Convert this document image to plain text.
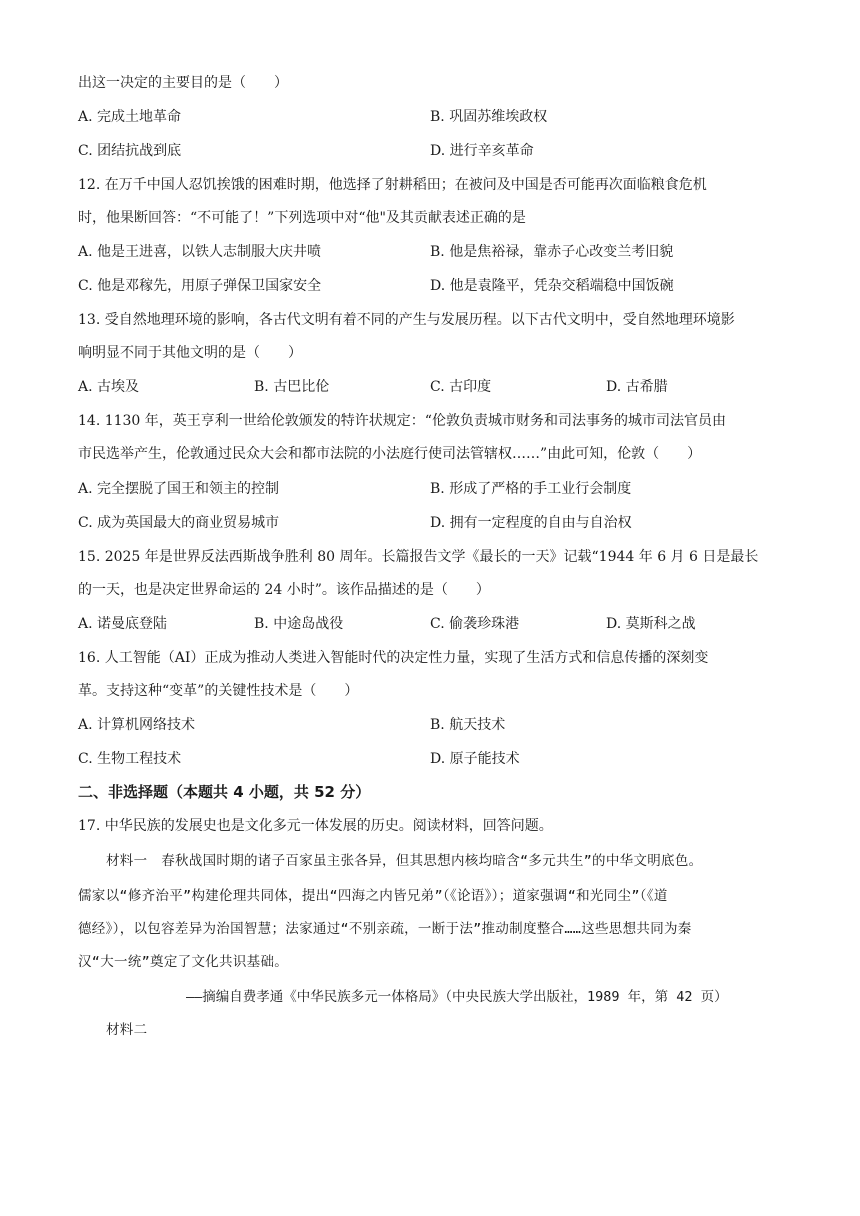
出这一决定的主要目的是（　　）
A. 完成土地革命	B. 巩固苏维埃政权
C. 团结抗战到底	D. 进行辛亥革命
12. 在万千中国人忍饥挨饿的困难时期，他选择了射耕稻田；在被问及中国是否可能再次面临粮食危机
时，他果断回答：“不可能了！”下列选项中对“他"及其贡献表述正确的是
A. 他是王进喜，以铁人志制服大庆井喷	B. 他是焦裕禄，靠赤子心改变兰考旧貌
C. 他是邓稼先，用原子弹保卫国家安全	D. 他是袁隆平，凭杂交稻端稳中国饭碗
13. 受自然地理环境的影响，各古代文明有着不同的产生与发展历程。以下古代文明中，受自然地理环境影
响明显不同于其他文明的是（　　）
A. 古埃及	B. 古巴比伦	C. 古印度	D. 古希腊
14. 1130 年，英王亨利一世给伦敦颁发的特许状规定：“伦敦负责城市财务和司法事务的城市司法官员由
市民选举产生，伦敦通过民众大会和都市法院的小法庭行使司法管辖权……”由此可知，伦敦（　　）
A. 完全摆脱了国王和领主的控制	B. 形成了严格的手工业行会制度
C. 成为英国最大的商业贸易城市	D. 拥有一定程度的自由与自治权
15. 2025 年是世界反法西斯战争胜利 80 周年。长篇报告文学《最长的一天》记载“1944 年 6 月 6 日是最长
的一天，也是决定世界命运的 24 小时”。该作品描述的是（　　）
A. 诺曼底登陆	B. 中途岛战役	C. 偷袭珍珠港	D. 莫斯科之战
16. 人工智能（AI）正成为推动人类进入智能时代的决定性力量，实现了生活方式和信息传播的深刻变
革。支持这种“变革”的关键性技术是（　　）
A. 计算机网络技术	B. 航天技术
C. 生物工程技术	D. 原子能技术
二、非选择题（本题共 4 小题，共 52 分）
17. 中华民族的发展史也是文化多元一体发展的历史。阅读材料，回答问题。
材料一　春秋战国时期的诸子百家虽主张各异，但其思想内核均暗含“多元共生”的中华文明底色。
儒家以“修齐治平”构建伦理共同体，提出“四海之内皆兄弟”（《论语》）；道家强调“和光同尘”（《道
德经》），以包容差异为治国智慧；法家通过“不别亲疏，一断于法”推动制度整合……这些思想共同为秦
汉“大一统”奠定了文化共识基础。
——摘编自费孝通《中华民族多元一体格局》（中央民族大学出版社，1989 年，第 42 页）
材料二
